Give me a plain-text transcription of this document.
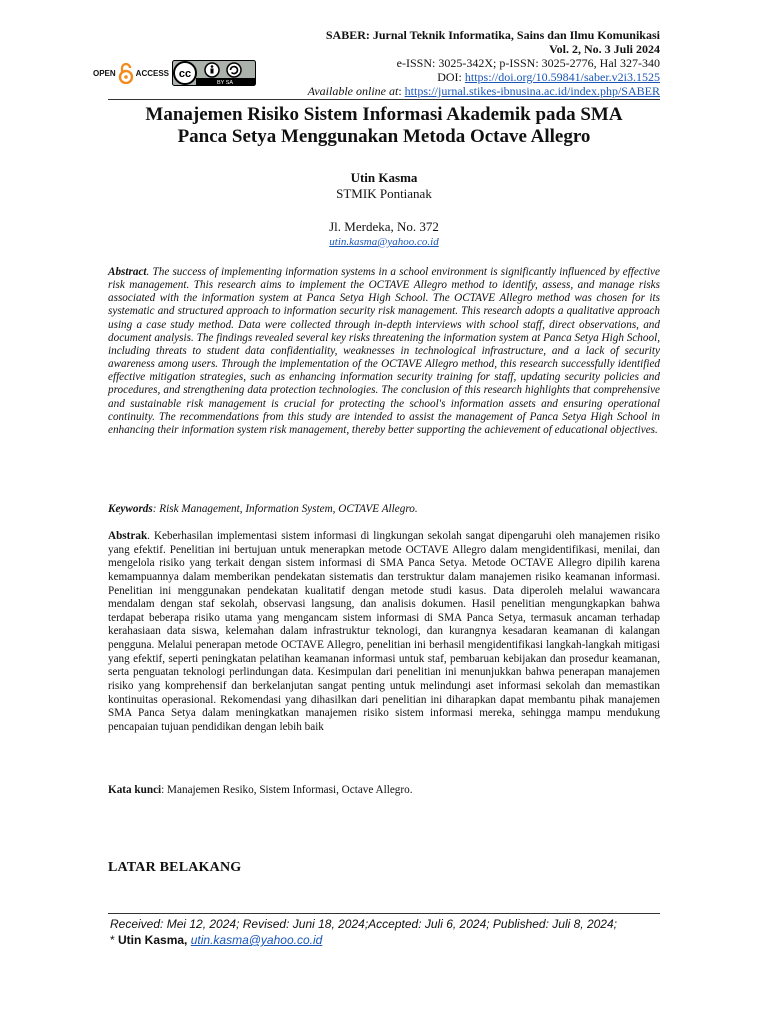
OPEN	ACCESS cc
BY SA
SABER: Jurnal Teknik Informatika, Sains dan Ilmu Komunikasi
Vol. 2, No. 3 Juli 2024
e-ISSN: 3025-342X; p-ISSN: 3025-2776, Hal 327-340
DOI: https://doi.org/10.59841/saber.v2i3.1525
Available online at: https://jurnal.stikes-ibnusina.ac.id/index.php/SABER
Manajemen Risiko Sistem Informasi Akademik pada SMA
Panca Setya Menggunakan Metoda Octave Allegro
Utin Kasma
STMIK Pontianak
Jl. Merdeka, No. 372
utin.kasma@yahoo.co.id
Abstract. The success of implementing information systems in a school environment is significantly influenced by effective risk management. This research aims to implement the OCTAVE Allegro method to identify, assess, and manage risks associated with the information system at Panca Setya High School. The OCTAVE Allegro method was chosen for its systematic and structured approach to information security risk management. This research adopts a qualitative approach using a case study method. Data were collected through in-depth interviews with school staff, direct observations, and document analysis. The findings revealed several key risks threatening the information system at Panca Setya High School, including threats to student data confidentiality, weaknesses in technological infrastructure, and a lack of security awareness among users. Through the implementation of the OCTAVE Allegro method, this research successfully identified effective mitigation strategies, such as enhancing information security training for staff, updating security policies and procedures, and strengthening data protection technologies. The conclusion of this research highlights that comprehensive and sustainable risk management is crucial for protecting the school's information assets and ensuring operational continuity. The recommendations from this study are intended to assist the management of Panca Setya High School in enhancing their information system risk management, thereby better supporting the achievement of educational objectives.
Keywords: Risk Management, Information System, OCTAVE Allegro.
Abstrak. Keberhasilan implementasi sistem informasi di lingkungan sekolah sangat dipengaruhi oleh manajemen risiko yang efektif. Penelitian ini bertujuan untuk menerapkan metode OCTAVE Allegro dalam mengidentifikasi, menilai, dan mengelola risiko yang terkait dengan sistem informasi di SMA Panca Setya. Metode OCTAVE Allegro dipilih karena kemampuannya dalam memberikan pendekatan sistematis dan terstruktur dalam manajemen risiko keamanan informasi. Penelitian ini menggunakan pendekatan kualitatif dengan metode studi kasus. Data diperoleh melalui wawancara mendalam dengan staf sekolah, observasi langsung, dan analisis dokumen. Hasil penelitian mengungkapkan bahwa terdapat beberapa risiko utama yang mengancam sistem informasi di SMA Panca Setya, termasuk ancaman terhadap kerahasiaan data siswa, kelemahan dalam infrastruktur teknologi, dan kurangnya kesadaran keamanan di kalangan pengguna. Melalui penerapan metode OCTAVE Allegro, penelitian ini berhasil mengidentifikasi langkah-langkah mitigasi yang efektif, seperti peningkatan pelatihan keamanan informasi untuk staf, pembaruan kebijakan dan prosedur keamanan, serta penguatan teknologi perlindungan data. Kesimpulan dari penelitian ini menunjukkan bahwa penerapan manajemen risiko yang komprehensif dan berkelanjutan sangat penting untuk melindungi aset informasi sekolah dan memastikan kontinuitas operasional. Rekomendasi yang dihasilkan dari penelitian ini diharapkan dapat membantu pihak manajemen SMA Panca Setya dalam meningkatkan manajemen risiko sistem informasi mereka, sehingga mampu mendukung pencapaian tujuan pendidikan dengan lebih baik
Kata kunci: Manajemen Resiko, Sistem Informasi, Octave Allegro.
LATAR BELAKANG
Received: Mei 12, 2024; Revised: Juni 18, 2024;Accepted: Juli 6, 2024; Published: Juli 8, 2024;
* Utin Kasma, utin.kasma@yahoo.co.id
